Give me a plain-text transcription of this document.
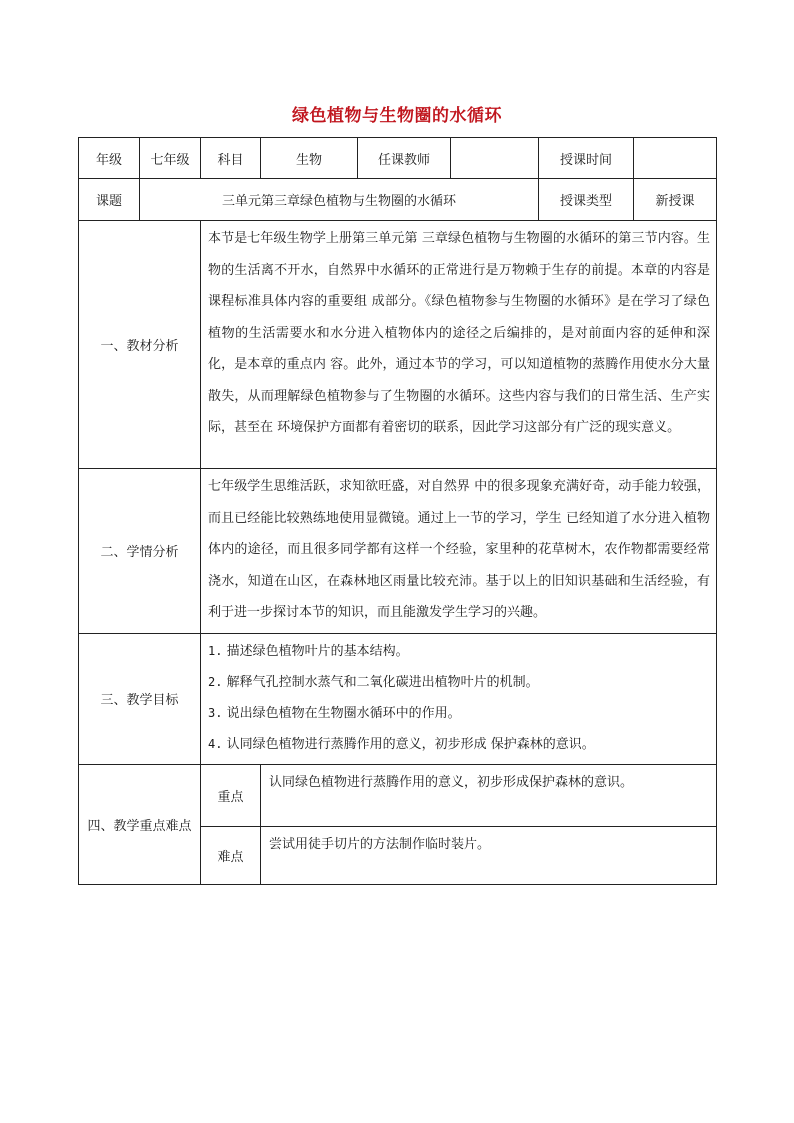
绿色植物与生物圈的水循环
年级	七年级	科目	生物	任课教师		授课时间	
课题	三单元第三章绿色植物与生物圈的水循环					授课类型	新授课
一、教材分析		本节是七年级生物学上册第三单元第 三章绿色植物与生物圈的水循环的第三节内容。生物的生活离不开水，自然界中水循环的正常进行是万物赖于生存的前提。本章的内容是课程标准具体内容的重要组 成部分。《绿色植物参与生物圈的水循环》是在学习了绿色植物的生活需要水和水分进入植物体内的途径之后编排的，是对前面内容的延伸和深化，是本章的重点内 容。此外，通过本节的学习，可以知道植物的蒸腾作用使水分大量散失，从而理解绿色植物参与了生物圈的水循环。这些内容与我们的日常生活、生产实际，甚至在 环境保护方面都有着密切的联系，因此学习这部分有广泛的现实意义。					
二、学情分析		七年级学生思维活跃，求知欲旺盛，对自然界 中的很多现象充满好奇，动手能力较强，而且已经能比较熟练地使用显微镜。通过上一节的学习，学生 已经知道了水分进入植物体内的途径，而且很多同学都有这样一个经验，家里种的花草树木，农作物都需要经常浇水，知道在山区，在森林地区雨量比较充沛。基于以上的旧知识基础和生活经验，有利于进一步探讨本节的知识，而且能激发学生学习的兴趣。					
三、教学目标		1. 描述绿色植物叶片的基本结构。
2. 解释气孔控制水蒸气和二氧化碳进出植物叶片的机制。
3. 说出绿色植物在生物圈水循环中的作用。
4. 认同绿色植物进行蒸腾作用的意义，初步形成 保护森林的意识。					

四、教学重点难点		重点	认同绿色植物进行蒸腾作用的意义，初步形成保护森林的意识。				
		难点	尝试用徒手切片的方法制作临时装片。				
